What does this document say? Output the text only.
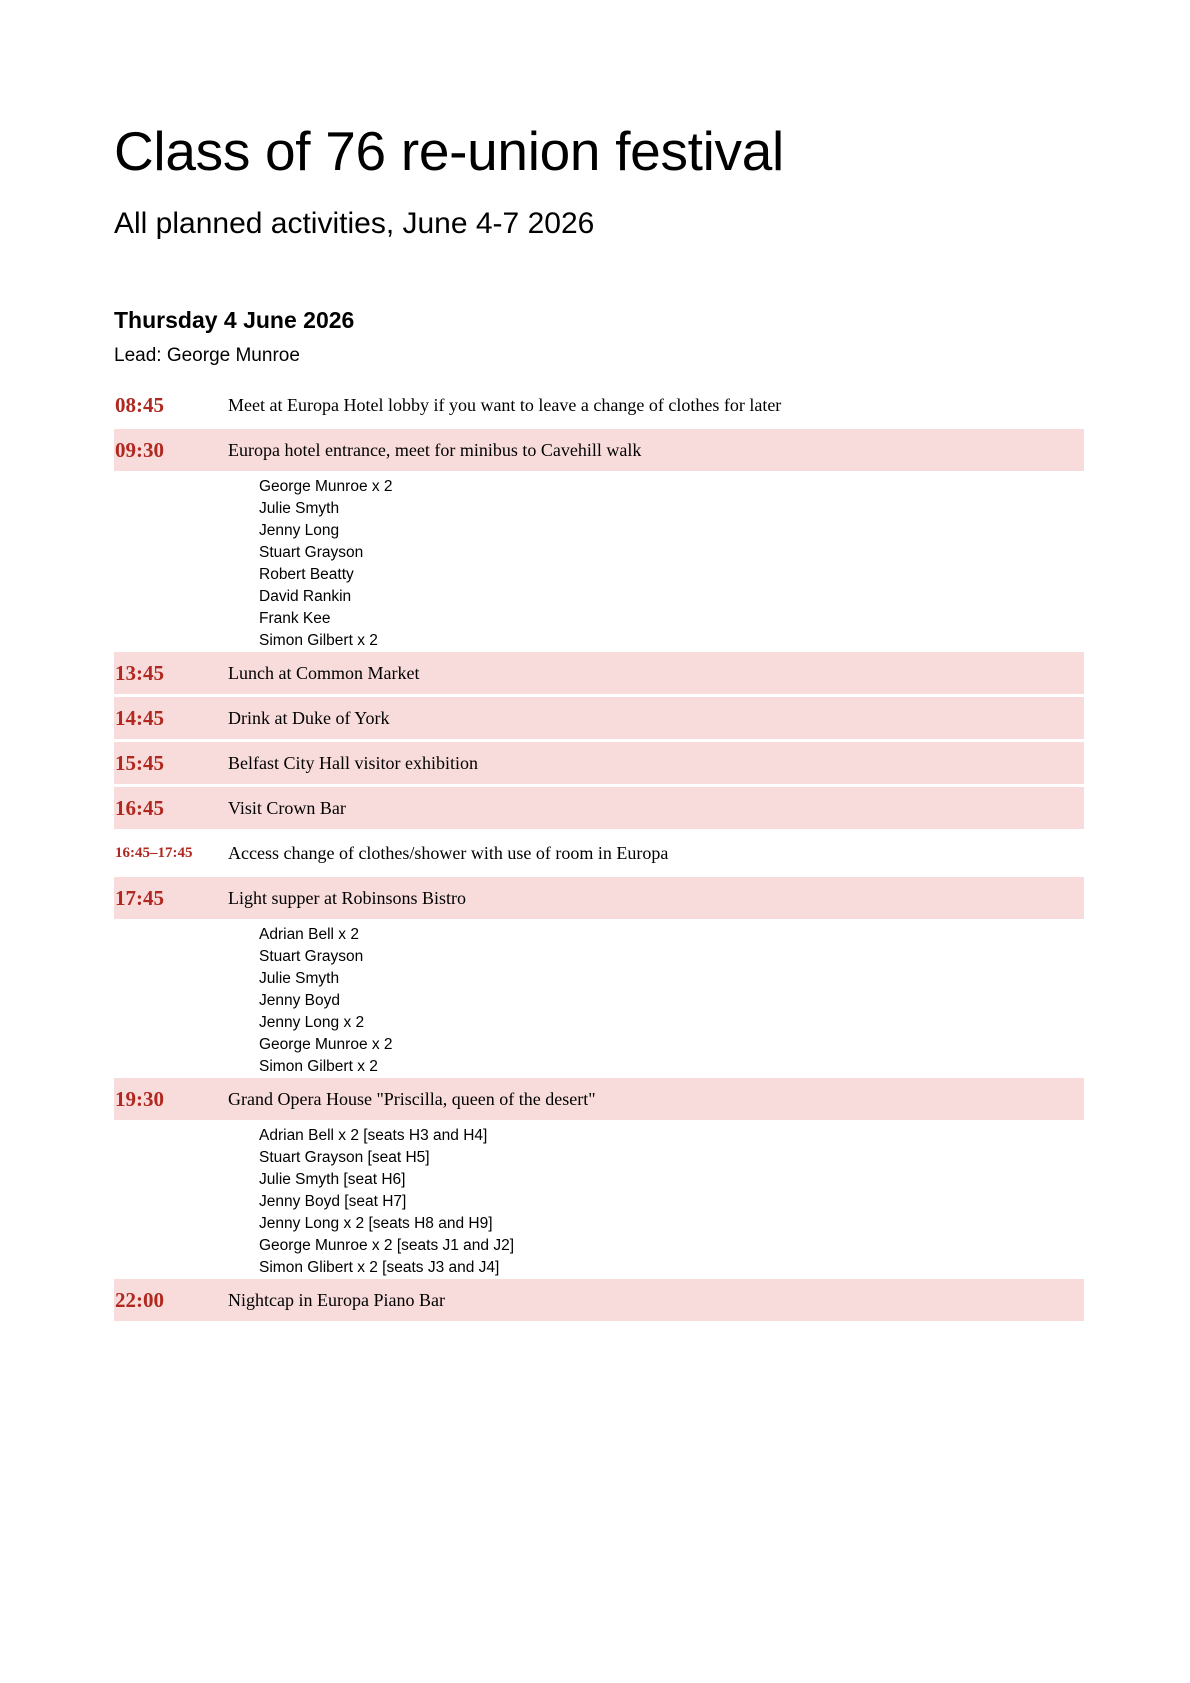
Class of 76 re-union festival
All planned activities, June 4-7 2026
Thursday 4 June 2026

Lead: George Munroe

08:45	Meet at Europa Hotel lobby if you want to leave a change of clothes for later
09:30	Europa hotel entrance, meet for minibus to Cavehill walk
George Munroe x 2
Julie Smyth
Jenny Long
Stuart Grayson
Robert Beatty
David Rankin
Frank Kee
Simon Gilbert x 2
13:45	Lunch at Common Market
14:45	Drink at Duke of York
15:45	Belfast City Hall visitor exhibition
16:45	Visit Crown Bar
16:45–17:45	Access change of clothes/shower with use of room in Europa
17:45	Light supper at Robinsons Bistro
Adrian Bell x 2
Stuart Grayson
Julie Smyth
Jenny Boyd
Jenny Long x 2
George Munroe x 2
Simon Gilbert x 2
19:30	Grand Opera House "Priscilla, queen of the desert"
Adrian Bell x 2 [seats H3 and H4]
Stuart Grayson [seat H5]
Julie Smyth [seat H6]
Jenny Boyd [seat H7]
Jenny Long x 2 [seats H8 and H9]
George Munroe x 2 [seats J1 and J2]
Simon Glibert x 2 [seats J3 and J4]
22:00	Nightcap in Europa Piano Bar
